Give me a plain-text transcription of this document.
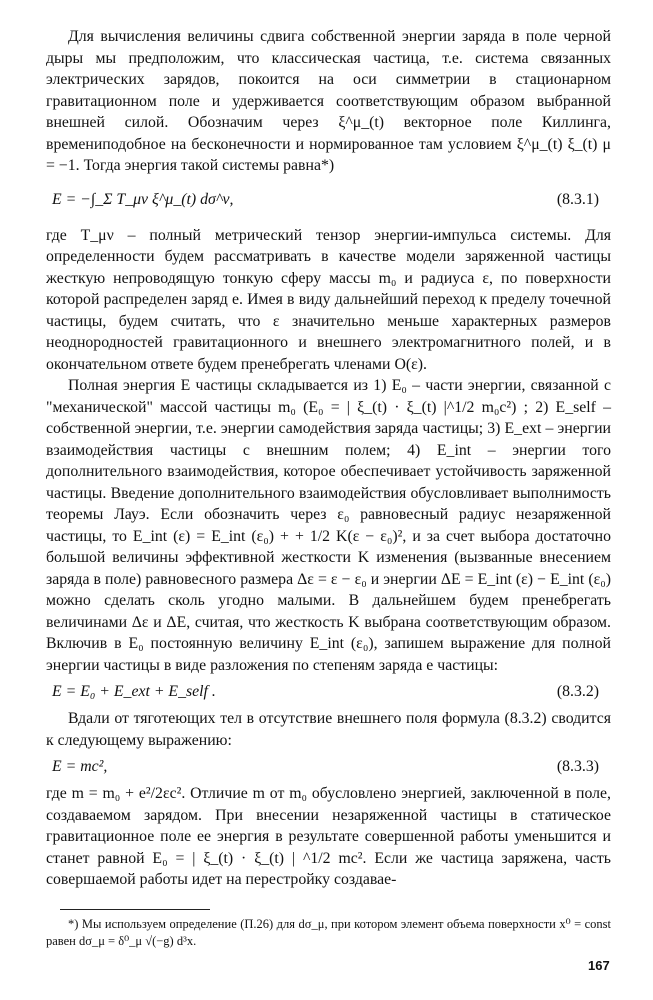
Для вычисления величины сдвига собственной энергии заряда в поле черной дыры мы предположим, что классическая частица, т.е. система связанных электрических зарядов, покоится на оси симметрии в стационарном гравитационном поле и удерживается соответствующим образом выбранной внешней силой. Обозначим через ξ^μ_(t) векторное поле Киллинга, времениподобное на бесконечности и нормированное там условием ξ^μ_(t) ξ_(t) μ = −1. Тогда энергия такой системы равна*)

E = −∫_Σ T_μν ξ^μ_(t) dσ^ν,	(8.3.1)

где T_μν – полный метрический тензор энергии-импульса системы. Для определенности будем рассматривать в качестве модели заряженной частицы жесткую непроводящую тонкую сферу массы m₀ и радиуса ε, по поверхности которой распределен заряд e. Имея в виду дальнейший переход к пределу точечной частицы, будем считать, что ε значительно меньше характерных размеров неоднородностей гравитационного и внешнего электромагнитного полей, и в окончательном ответе будем пренебрегать членами O(ε).

Полная энергия E частицы складывается из 1) E₀ – части энергии, связанной с "механической" массой частицы m₀ (E₀ = | ξ_(t) · ξ_(t) |^1/2 m₀c²) ; 2) E_self – собственной энергии, т.е. энергии самодействия заряда частицы; 3) E_ext – энергии взаимодействия частицы с внешним полем; 4) E_int – энергии того дополнительного взаимодействия, которое обеспечивает устойчивость заряженной частицы. Введение дополнительного взаимодействия обусловливает выполнимость теоремы Лауэ. Если обозначить через ε₀ равновесный радиус незаряженной частицы, то E_int (ε) = E_int (ε₀) + + 1/2 K(ε − ε₀)², и за счет выбора достаточно большой величины эффективной жесткости K изменения (вызванные внесением заряда в поле) равновесного размера Δε = ε − ε₀ и энергии ΔE = E_int (ε) − E_int (ε₀) можно сделать сколь угодно малыми. В дальнейшем будем пренебрегать величинами Δε и ΔE, считая, что жесткость K выбрана соответствующим образом. Включив в E₀ постоянную величину E_int (ε₀), запишем выражение для полной энергии частицы в виде разложения по степеням заряда e частицы:

E = E₀ + E_ext + E_self .	(8.3.2)

Вдали от тяготеющих тел в отсутствие внешнего поля формула (8.3.2) сводится к следующему выражению:

E = mc²,	(8.3.3)

где m = m₀ + e²/2εc². Отличие m от m₀ обусловлено энергией, заключенной в поле, создаваемом зарядом. При внесении незаряженной частицы в статическое гравитационное поле ее энергия в результате совершенной работы уменьшится и станет равной E₀ = | ξ_(t) · ξ_(t) | ^1/2 mc². Если же частица заряжена, часть совершаемой работы идет на перестройку создавае-

*) Мы используем определение (П.26) для dσ_μ, при котором элемент объема поверхности x⁰ = const равен dσ_μ = δ⁰_μ √(−g) d³x.

167
